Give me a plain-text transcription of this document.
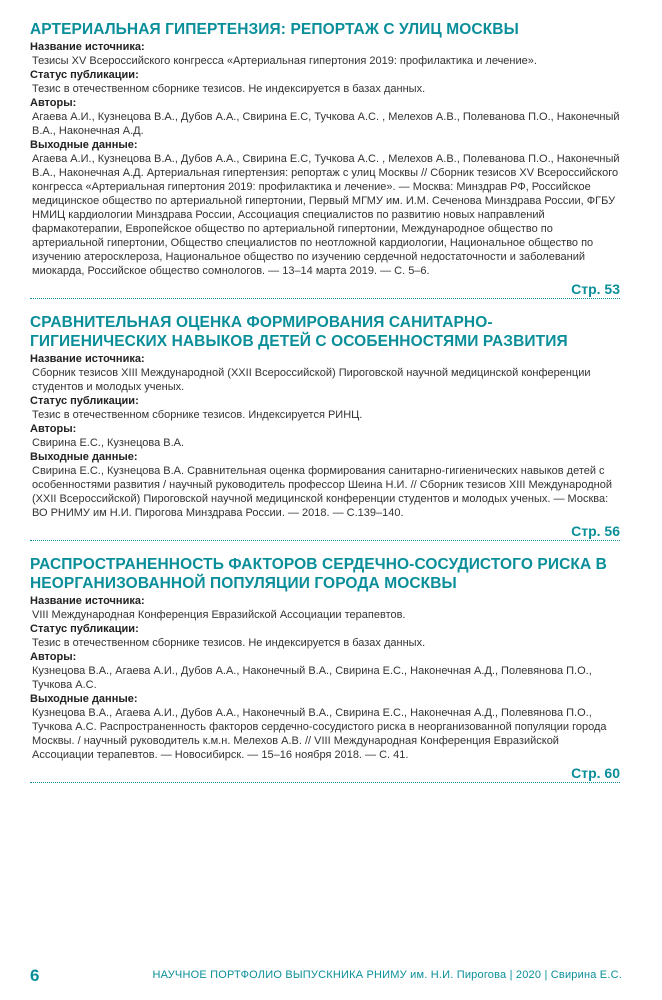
АРТЕРИАЛЬНАЯ ГИПЕРТЕНЗИЯ: РЕПОРТАЖ С УЛИЦ МОСКВЫ
Название источника:
Тезисы XV Всероссийского конгресса «Артериальная гипертония 2019: профилактика и лечение».
Статус публикации:
Тезис в отечественном сборнике тезисов. Не индексируется в базах данных.
Авторы:
Агаева А.И., Кузнецова В.А., Дубов А.А., Свирина Е.С, Тучкова А.С. , Мелехов А.В., Полеванова П.О., Наконечный В.А., Наконечная А.Д.
Выходные данные:
Агаева А.И., Кузнецова В.А., Дубов А.А., Свирина Е.С, Тучкова А.С. , Мелехов А.В., Полеванова П.О., Наконечный В.А., Наконечная А.Д. Артериальная гипертензия: репортаж с улиц Москвы // Сборник тезисов XV Всероссийского конгресса «Артериальная гипертония 2019: профилактика и лечение». — Москва: Минздрав РФ, Российское медицинское общество по артериальной гипертонии, Первый МГМУ им. И.М. Сеченова Минздрава России, ФГБУ НМИЦ кардиологии Минздрава России, Ассоциация специалистов по развитию новых направлений фармакотерапии, Европейское общество по артериальной гипертонии, Международное общество по артериальной гипертонии, Общество специалистов по неотложной кардиологии, Национальное общество по изучению атеросклероза, Национальное общество по изучению сердечной недостаточности и заболеваний миокарда, Российское общество сомнологов. — 13–14 марта 2019. — С. 5–6.
Стр. 53
СРАВНИТЕЛЬНАЯ ОЦЕНКА ФОРМИРОВАНИЯ САНИТАРНО-ГИГИЕНИЧЕСКИХ НАВЫКОВ ДЕТЕЙ С ОСОБЕННОСТЯМИ РАЗВИТИЯ
Название источника:
Сборник тезисов XIII Международной (XXII Всероссийской) Пироговской научной медицинской конференции студентов и молодых ученых.
Статус публикации:
Тезис в отечественном сборнике тезисов. Индексируется РИНЦ.
Авторы:
Свирина Е.С., Кузнецова В.А.
Выходные данные:
Свирина Е.С., Кузнецова В.А. Сравнительная оценка формирования санитарно-гигиенических навыков детей с особенностями развития / научный руководитель профессор Шеина Н.И. // Сборник тезисов XIII Международной (XXII Всероссийской) Пироговской научной медицинской конференции студентов и молодых ученых. — Москва: ВО РНИМУ им Н.И. Пирогова Минздрава России. — 2018. — С.139–140.
Стр. 56
РАСПРОСТРАНЕННОСТЬ ФАКТОРОВ СЕРДЕЧНО-СОСУДИСТОГО РИСКА В НЕОРГАНИЗОВАННОЙ ПОПУЛЯЦИИ ГОРОДА МОСКВЫ
Название источника:
VIII Международная Конференция Евразийской Ассоциации терапевтов.
Статус публикации:
Тезис в отечественном сборнике тезисов. Не индексируется в базах данных.
Авторы:
Кузнецова В.А., Агаева А.И., Дубов А.А., Наконечный В.А., Свирина Е.С., Наконечная А.Д., Полевянова П.О., Тучкова А.С.
Выходные данные:
Кузнецова В.А., Агаева А.И., Дубов А.А., Наконечный В.А., Свирина Е.С., Наконечная А.Д., Полевянова П.О., Тучкова А.С. Распространенность факторов сердечно-сосудистого риска в неорганизованной популяции города Москвы. / научный руководитель к.м.н. Мелехов А.В. // VIII Международная Конференция Евразийской Ассоциации терапевтов. — Новосибирск. — 15–16 ноября 2018. — С. 41.
Стр. 60
6	НАУЧНОЕ ПОРТФОЛИО ВЫПУСКНИКА РНИМУ им. Н.И. Пирогова | 2020 | Свирина Е.С.
